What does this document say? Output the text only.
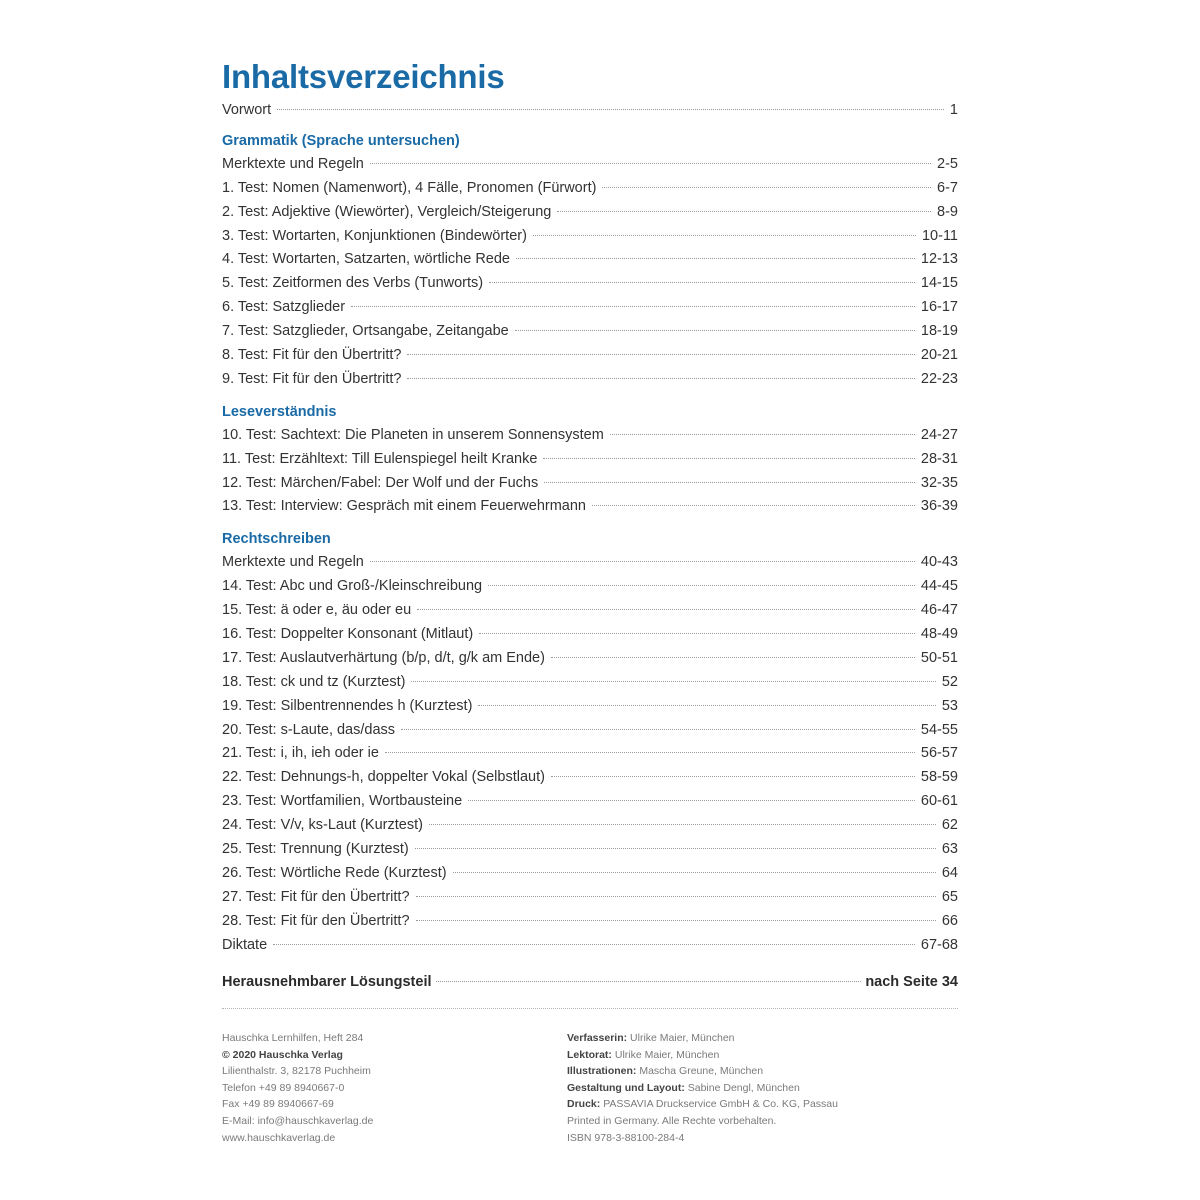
Inhaltsverzeichnis
Vorwort	1
Grammatik (Sprache untersuchen)
Merktexte und Regeln	2-5
1. Test: Nomen (Namenwort), 4 Fälle, Pronomen (Fürwort)	6-7
2. Test: Adjektive (Wiewörter), Vergleich/Steigerung	8-9
3. Test: Wortarten, Konjunktionen (Bindewörter)	10-11
4. Test: Wortarten, Satzarten, wörtliche Rede	12-13
5. Test: Zeitformen des Verbs (Tunworts)	14-15
6. Test: Satzglieder	16-17
7. Test: Satzglieder, Ortsangabe, Zeitangabe	18-19
8. Test: Fit für den Übertritt?	20-21
9. Test: Fit für den Übertritt?	22-23
Leseverständnis
10. Test: Sachtext: Die Planeten in unserem Sonnensystem	24-27
11. Test: Erzähltext: Till Eulenspiegel heilt Kranke	28-31
12. Test: Märchen/Fabel: Der Wolf und der Fuchs	32-35
13. Test: Interview: Gespräch mit einem Feuerwehrmann	36-39
Rechtschreiben
Merktexte und Regeln	40-43
14. Test: Abc und Groß-/Kleinschreibung	44-45
15. Test: ä oder e, äu oder eu	46-47
16. Test: Doppelter Konsonant (Mitlaut)	48-49
17. Test: Auslautverhärtung (b/p, d/t, g/k am Ende)	50-51
18. Test: ck und tz (Kurztest)	52
19. Test: Silbentrennendes h (Kurztest)	53
20. Test: s-Laute, das/dass	54-55
21. Test: i, ih, ieh oder ie	56-57
22. Test: Dehnungs-h, doppelter Vokal (Selbstlaut)	58-59
23. Test: Wortfamilien, Wortbausteine	60-61
24. Test: V/v, ks-Laut (Kurztest)	62
25. Test: Trennung (Kurztest)	63
26. Test: Wörtliche Rede (Kurztest)	64
27. Test: Fit für den Übertritt?	65
28. Test: Fit für den Übertritt?	66
Diktate	67-68
Herausnehmbarer Lösungsteil	nach Seite 34
Hauschka Lernhilfen, Heft 284
© 2020 Hauschka Verlag
Lilienthalstr. 3, 82178 Puchheim
Telefon +49 89 8940667-0
Fax +49 89 8940667-69
E-Mail: info@hauschkaverlag.de
www.hauschkaverlag.de
Verfasserin: Ulrike Maier, München
Lektorat: Ulrike Maier, München
Illustrationen: Mascha Greune, München
Gestaltung und Layout: Sabine Dengl, München
Druck: PASSAVIA Druckservice GmbH & Co. KG, Passau
Printed in Germany. Alle Rechte vorbehalten.
ISBN 978-3-88100-284-4
